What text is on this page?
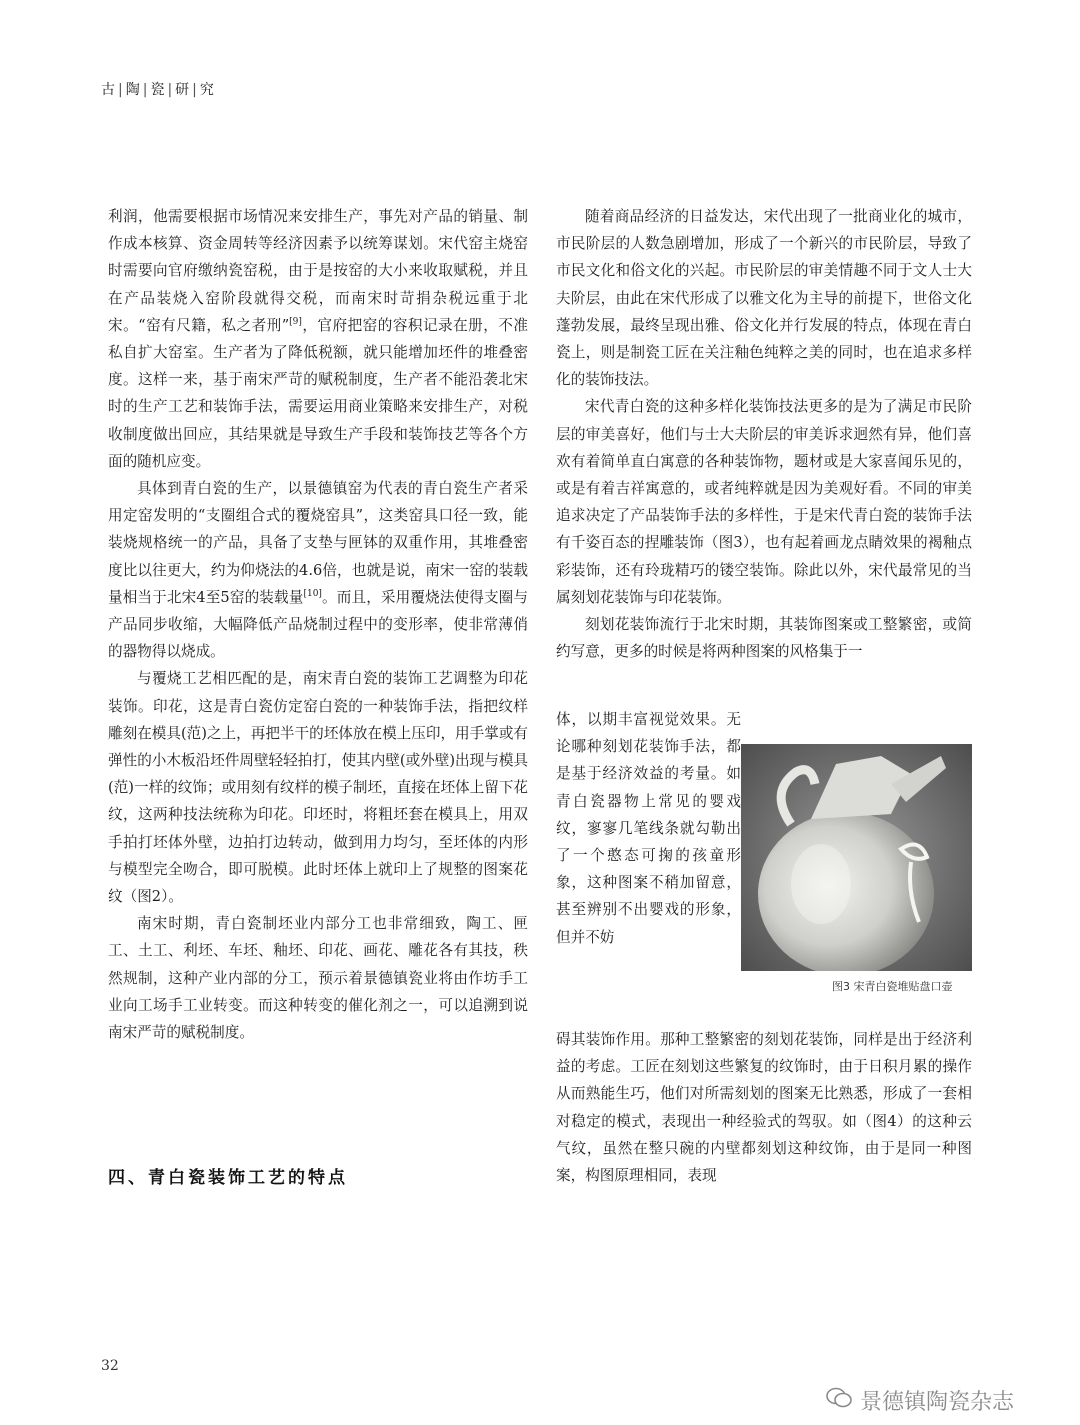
古 | 陶 | 瓷 | 研 | 究

利润，他需要根据市场情况来安排生产，事先对产品的销量、制作成本核算、资金周转等经济因素予以统筹谋划。宋代窑主烧窑时需要向官府缴纳瓷窑税，由于是按窑的大小来收取赋税，并且在产品装烧入窑阶段就得交税，而南宋时苛捐杂税远重于北宋。“窑有尺籍，私之者刑”[9]，官府把窑的容积记录在册，不准私自扩大窑室。生产者为了降低税额，就只能增加坯件的堆叠密度。这样一来，基于南宋严苛的赋税制度，生产者不能沿袭北宋时的生产工艺和装饰手法，需要运用商业策略来安排生产，对税收制度做出回应，其结果就是导致生产手段和装饰技艺等各个方面的随机应变。

具体到青白瓷的生产，以景德镇窑为代表的青白瓷生产者采用定窑发明的“支圈组合式的覆烧窑具”，这类窑具口径一致，能装烧规格统一的产品，具备了支垫与匣钵的双重作用，其堆叠密度比以往更大，约为仰烧法的4.6倍，也就是说，南宋一窑的装载量相当于北宋4至5窑的装载量[10]。而且，采用覆烧法使得支圈与产品同步收缩，大幅降低产品烧制过程中的变形率，使非常薄俏的器物得以烧成。

与覆烧工艺相匹配的是，南宋青白瓷的装饰工艺调整为印花装饰。印花，这是青白瓷仿定窑白瓷的一种装饰手法，指把纹样雕刻在模具(范)之上，再把半干的坯体放在模上压印，用手掌或有弹性的小木板沿坯件周壁轻轻拍打，使其内壁(或外壁)出现与模具(范)一样的纹饰；或用刻有纹样的模子制坯，直接在坯体上留下花纹，这两种技法统称为印花。印坯时，将粗坯套在模具上，用双手拍打坯体外壁，边拍打边转动，做到用力均匀，至坯体的内形与模型完全吻合，即可脱模。此时坯体上就印上了规整的图案花纹（图2）。

南宋时期，青白瓷制坯业内部分工也非常细致，陶工、匣工、土工、利坯、车坯、釉坯、印花、画花、雕花各有其技，秩然规制，这种产业内部的分工，预示着景德镇瓷业将由作坊手工业向工场手工业转变。而这种转变的催化剂之一，可以追溯到说南宋严苛的赋税制度。

四、青白瓷装饰工艺的特点

随着商品经济的日益发达，宋代出现了一批商业化的城市，市民阶层的人数急剧增加，形成了一个新兴的市民阶层，导致了市民文化和俗文化的兴起。市民阶层的审美情趣不同于文人士大夫阶层，由此在宋代形成了以雅文化为主导的前提下，世俗文化蓬勃发展，最终呈现出雅、俗文化并行发展的特点，体现在青白瓷上，则是制瓷工匠在关注釉色纯粹之美的同时，也在追求多样化的装饰技法。

宋代青白瓷的这种多样化装饰技法更多的是为了满足市民阶层的审美喜好，他们与士大夫阶层的审美诉求迥然有异，他们喜欢有着简单直白寓意的各种装饰物，题材或是大家喜闻乐见的，或是有着吉祥寓意的，或者纯粹就是因为美观好看。不同的审美追求决定了产品装饰手法的多样性，于是宋代青白瓷的装饰手法有千姿百态的捏雕装饰（图3），也有起着画龙点睛效果的褐釉点彩装饰，还有玲珑精巧的镂空装饰。除此以外，宋代最常见的当属刻划花装饰与印花装饰。

刻划花装饰流行于北宋时期，其装饰图案或工整繁密，或简约写意，更多的时候是将两种图案的风格集于一

体，以期丰富视觉效果。无论哪种刻划花装饰手法，都是基于经济效益的考量。如青白瓷器物上常见的婴戏纹，寥寥几笔线条就勾勒出了一个憨态可掬的孩童形象，这种图案不稍加留意，甚至辨别不出婴戏的形象，但并不妨

碍其装饰作用。那种工整繁密的刻划花装饰，同样是出于经济利益的考虑。工匠在刻划这些繁复的纹饰时，由于日积月累的操作从而熟能生巧，他们对所需刻划的图案无比熟悉，形成了一套相对稳定的模式，表现出一种经验式的驾驭。如（图4）的这种云气纹，虽然在整只碗的内壁都刻划这种纹饰，由于是同一种图案，构图原理相同，表现

图3 宋青白瓷堆贴盘口壶
32
景德镇陶瓷杂志
